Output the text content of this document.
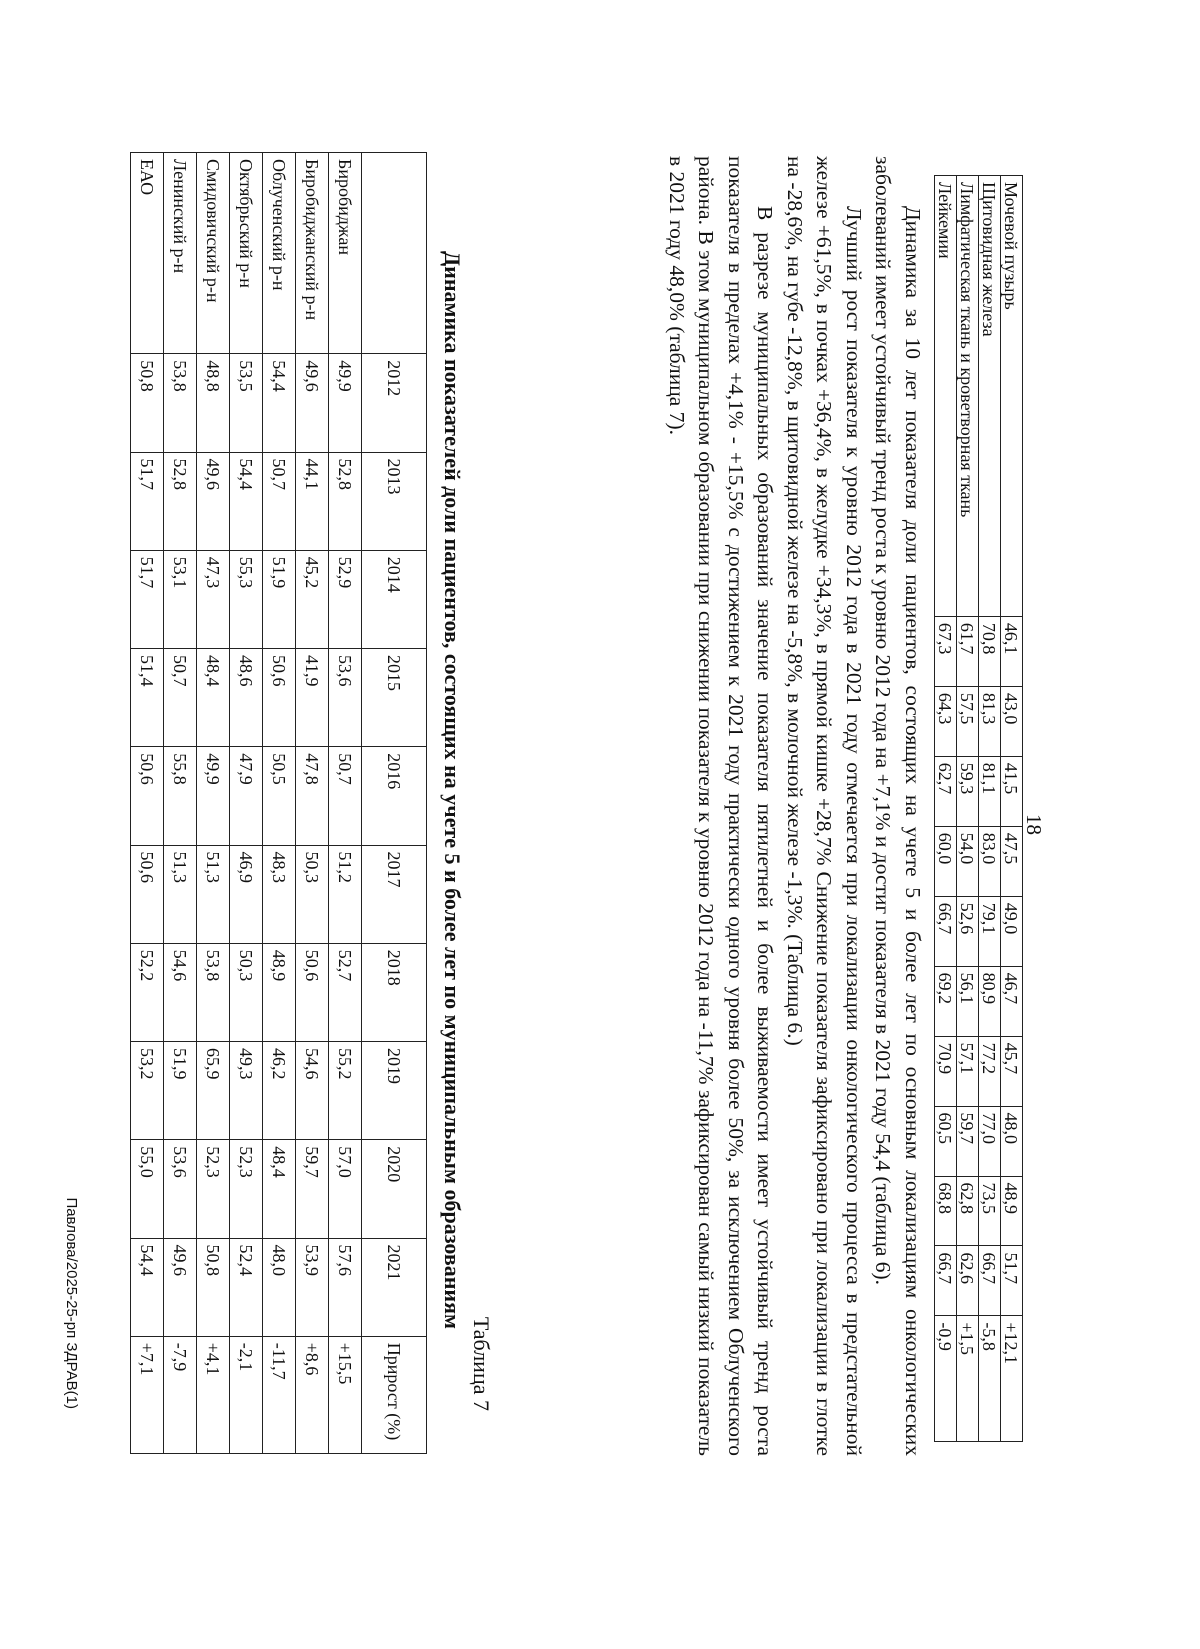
18
Мочевой пузырь	46,1	43,0	41,5	47,5	49,0	46,7	45,7	48,0	48,9	51,7	+12,1
Щитовидная железа	70,8	81,3	81,1	83,0	79,1	80,9	77,2	77,0	73,5	66,7	-5,8
Лимфатическая ткань и кроветворная ткань	61,7	57,5	59,3	54,0	52,6	56,1	57,1	59,7	62,8	62,6	+1,5
Лейкемии	67,3	64,3	62,7	60,0	66,7	69,2	70,9	60,5	68,8	66,7	-0,9

Динамика за 10 лет показателя доли пациентов, состоящих на учете 5 и более лет по основным локализациям онкологических заболеваний имеет устойчивый тренд роста к уровню 2012 года на +7,1% и достиг показателя в 2021 году 54,4 (таблица 6).

Лучший рост показателя к уровню 2012 года в 2021 году отмечается при локализации онкологического процесса в предстательной железе +61,5%, в почках +36,4%, в желудке +34,3%, в прямой кишке +28,7% Снижение показателя зафиксировано при локализации в глотке на -28,6%, на губе -12,8%, в щитовидной железе на -5,8%, в молочной железе -1,3%. (Таблица 6.)

В разрезе муниципальных образований значение показателя пятилетней и более выживаемости имеет устойчивый тренд роста показателя в пределах +4,1% - +15,5% с достижением к 2021 году практически одного уровня более 50%, за исключением Облученского района. В этом муниципальном образовании при снижении показателя к уровню 2012 года на -11,7% зафиксирован самый низкий показатель в 2021 году 48,0% (таблица 7).

Таблица 7
Динамика показателей доли пациентов, состоящих на учете 5 и более лет по муниципальным образованиям
	2012	2013	2014	2015	2016	2017	2018	2019	2020	2021	Прирост (%)
Биробиджан	49,9	52,8	52,9	53,6	50,7	51,2	52,7	55,2	57,0	57,6	+15,5
Биробиджанский р-н	49,6	44,1	45,2	41,9	47,8	50,3	50,6	54,6	59,7	53,9	+8,6
Облученский р-н	54,4	50,7	51,9	50,6	50,5	48,3	48,9	46,2	48,4	48,0	-11,7
Октябрьский р-н	53,5	54,4	55,3	48,6	47,9	46,9	50,3	49,3	52,3	52,4	-2,1
Смидовичский р-н	48,8	49,6	47,3	48,4	49,9	51,3	53,8	65,9	52,3	50,8	+4,1
Ленинский р-н	53,8	52,8	53,1	50,7	55,8	51,3	54,6	51,9	53,6	49,6	-7,9
ЕАО	50,8	51,7	51,7	51,4	50,6	50,6	52,2	53,2	55,0	54,4	+7,1
Павлова/2025-25-рп ЗДРАВ(1)
